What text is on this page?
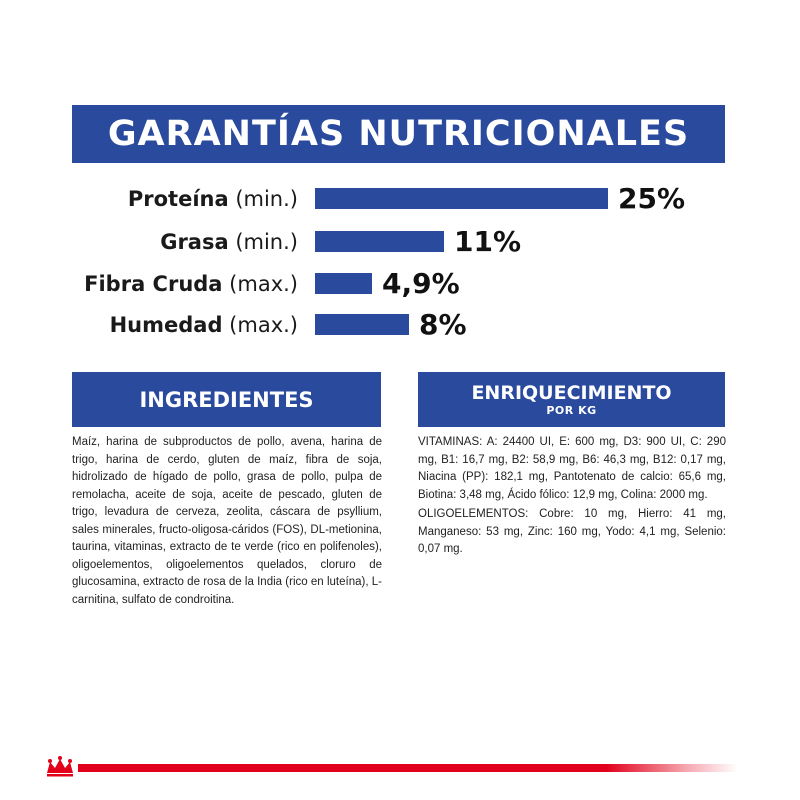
GARANTÍAS NUTRICIONALES
Proteína (min.)	25%
Grasa (min.)	11%
Fibra Cruda (max.)	4,9%
Humedad (max.)	8%
INGREDIENTES

Maíz, harina de subproductos de pollo, avena, harina de trigo, harina de cerdo, gluten de maíz, fibra de soja, hidrolizado de hígado de pollo, grasa de pollo, pulpa de remolacha, aceite de soja, aceite de pescado, gluten de trigo, levadura de cerveza, zeolita, cáscara de psyllium, sales minerales, fructo-oligosa-cáridos (FOS), DL-metionina, taurina, vitaminas, extracto de te verde (rico en polifenoles), oligoelementos, oligoelementos quelados, cloruro de glucosamina, extracto de rosa de la India (rico en luteína), L-carnitina, sulfato de condroitina.

ENRIQUECIMIENTO
POR KG

VITAMINAS: A: 24400 UI, E: 600 mg, D3: 900 UI, C: 290 mg, B1: 16,7 mg, B2: 58,9 mg, B6: 46,3 mg, B12: 0,17 mg, Niacina (PP): 182,1 mg, Pantotenato de calcio: 65,6 mg, Biotina: 3,48 mg, Ácido fólico: 12,9 mg, Colina: 2000 mg.

OLIGOELEMENTOS: Cobre: 10 mg, Hierro: 41 mg, Manganeso: 53 mg, Zinc: 160 mg, Yodo: 4,1 mg, Selenio: 0,07 mg.
